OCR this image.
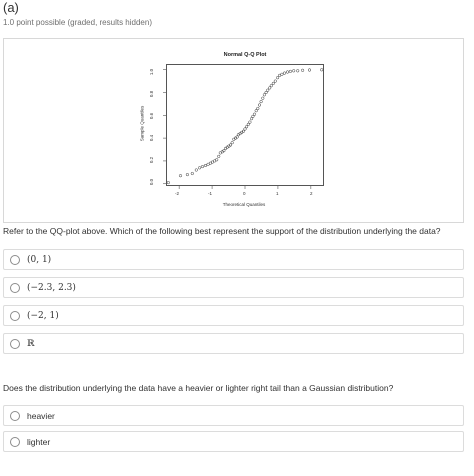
(a)
1.0 point possible (graded, results hidden)
Normal Q-Q Plot
Sample Quantiles
Theoretical Quantiles
-2	-1	0	1	2
0.0
0.2
0.4
0.6
0.8
1.0
Refer to the QQ-plot above. Which of the following best represent the support of the distribution underlying the data?
(0, 1)
(−2.3, 2.3)
(−2, 1)
ℝ
Does the distribution underlying the data have a heavier or lighter right tail than a Gaussian distribution?
heavier
lighter
